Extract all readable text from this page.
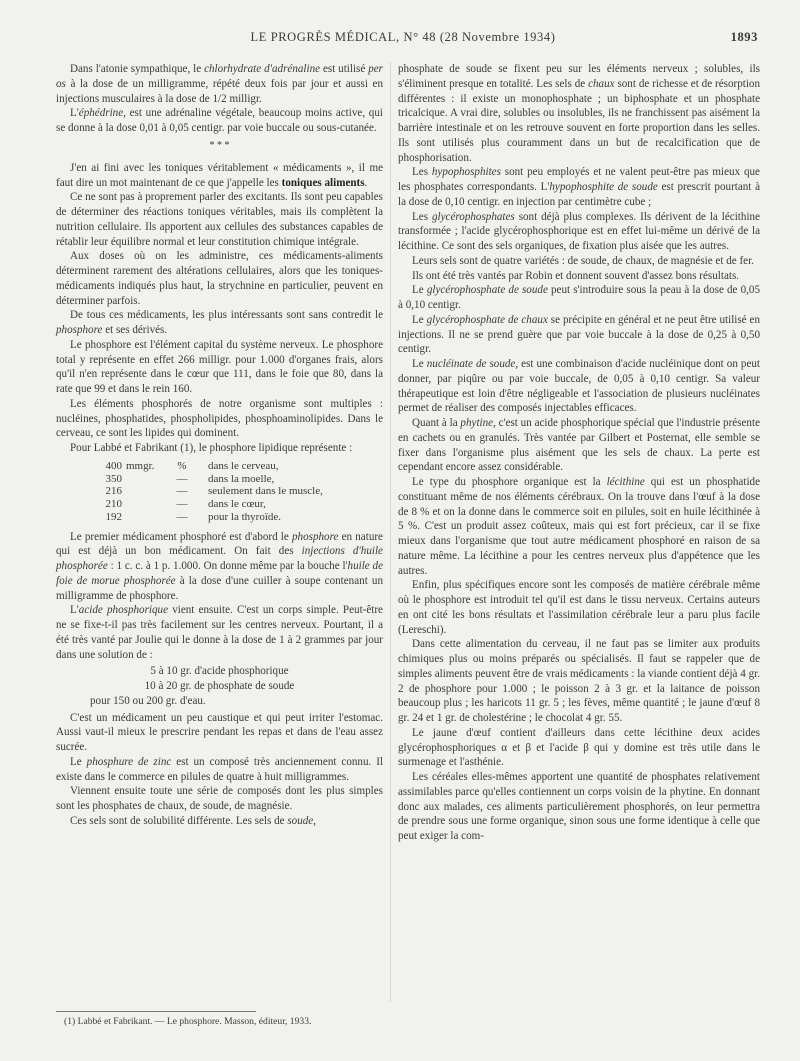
LE PROGRÈS MÉDICAL, N° 48 (28 Novembre 1934)	1893

Dans l'atonie sympathique, le chlorhydrate d'adrénaline est utilisé per os à la dose de un milligramme, répété deux fois par jour et aussi en injections musculaires à la dose de 1/2 milligr.

L'éphédrine, est une adrénaline végétale, beaucoup moins active, qui se donne à la dose 0,01 à 0,05 centigr. par voie buccale ou sous-cutanée.

* * *

J'en ai fini avec les toniques véritablement « médicaments », il me faut dire un mot maintenant de ce que j'appelle les toniques aliments.

Ce ne sont pas à proprement parler des excitants. Ils sont peu capables de déterminer des réactions toniques véritables, mais ils complètent la nutrition cellulaire. Ils apportent aux cellules des substances capables de rétablir leur équilibre normal et leur constitution chimique intégrale.

Aux doses où on les administre, ces médicaments-aliments déterminent rarement des altérations cellulaires, alors que les toniques-médicaments indiqués plus haut, la strychnine en particulier, peuvent en déterminer parfois.

De tous ces médicaments, les plus intéressants sont sans contredit le phosphore et ses dérivés.

Le phosphore est l'élément capital du système nerveux. Le phosphore total y représente en effet 266 milligr. pour 1.000 d'organes frais, alors qu'il n'en représente dans le cœur que 111, dans le foie que 80, dans la rate que 99 et dans le rein 160.

Les éléments phosphorés de notre organisme sont multiples : nucléines, phosphatides, phospholipides, phosphoaminolipides. Dans le cerveau, ce sont les lipides qui dominent.

Pour Labbé et Fabrikant (1), le phosphore lipidique représente :

400	mmgr.	%	dans le cerveau,
350		—	dans la moelle,
216		—	seulement dans le muscle,
210		—	dans le cœur,
192		—	pour la thyroïde.

Le premier médicament phosphoré est d'abord le phosphore en nature qui est déjà un bon médicament. On fait des injections d'huile phosphorée : 1 c. c. à 1 p. 1.000. On donne même par la bouche l'huile de foie de morue phosphorée à la dose d'une cuiller à soupe contenant un milligramme de phosphore.

L'acide phosphorique vient ensuite. C'est un corps simple. Peut-être ne se fixe-t-il pas très facilement sur les centres nerveux. Pourtant, il a été très vanté par Joulie qui le donne à la dose de 1 à 2 grammes par jour dans une solution de :

5 à 10 gr. d'acide phosphorique

10 à 20 gr. de phosphate de soude

pour 150 ou 200 gr. d'eau.

C'est un médicament un peu caustique et qui peut irriter l'estomac. Aussi vaut-il mieux le prescrire pendant les repas et dans de l'eau assez sucrée.

Le phosphure de zinc est un composé très anciennement connu. Il existe dans le commerce en pilules de quatre à huit milligrammes.

Viennent ensuite toute une série de composés dont les plus simples sont les phosphates de chaux, de soude, de magnésie.

Ces sels sont de solubilité différente. Les sels de soude,

(1) Labbé et Fabrikant. — Le phosphore. Masson, éditeur, 1933.

phosphate de soude se fixent peu sur les éléments nerveux ; solubles, ils s'éliminent presque en totalité. Les sels de chaux sont de richesse et de résorption différentes : il existe un monophosphate ; un biphosphate et un phosphate tricalcique. A vrai dire, solubles ou insolubles, ils ne franchissent pas aisément la barrière intestinale et on les retrouve souvent en forte proportion dans les selles. Ils sont utilisés plus couramment dans un but de recalcification que de phosphorisation.

Les hypophosphites sont peu employés et ne valent peut-être pas mieux que les phosphates correspondants. L'hypophosphite de soude est prescrit pourtant à la dose de 0,10 centigr. en injection par centimètre cube ;

Les glycérophosphates sont déjà plus complexes. Ils dérivent de la lécithine transformée ; l'acide glycérophosphorique est en effet lui-même un dérivé de la lécithine. Ce sont des sels organiques, de fixation plus aisée que les autres.

Leurs sels sont de quatre variétés : de soude, de chaux, de magnésie et de fer.

Ils ont été très vantés par Robin et donnent souvent d'assez bons résultats.

Le glycérophosphate de soude peut s'introduire sous la peau à la dose de 0,05 à 0,10 centigr.

Le glycérophosphate de chaux se précipite en général et ne peut être utilisé en injections. Il ne se prend guère que par voie buccale à la dose de 0,25 à 0,50 centigr.

Le nucléinate de soude, est une combinaison d'acide nucléinique dont on peut donner, par piqûre ou par voie buccale, de 0,05 à 0,10 centigr. Sa valeur thérapeutique est loin d'être négligeable et l'association de plusieurs nucléinates permet de réaliser des composés injectables efficaces.

Quant à la phytine, c'est un acide phosphorique spécial que l'industrie présente en cachets ou en granulés. Très vantée par Gilbert et Posternat, elle semble se fixer dans l'organisme plus aisément que les sels de chaux. La perte est cependant encore assez considérable.

Le type du phosphore organique est la lécithine qui est un phosphatide constituant même de nos éléments cérébraux. On la trouve dans l'œuf à la dose de 8 % et on la donne dans le commerce soit en pilules, soit en huile lécithinée à 5 %. C'est un produit assez coûteux, mais qui est fort précieux, car il se fixe mieux dans l'organisme que tout autre médicament phosphoré en raison de sa nature même. La lécithine a pour les centres nerveux plus d'appétence que les autres.

Enfin, plus spécifiques encore sont les composés de matière cérébrale même où le phosphore est introduit tel qu'il est dans le tissu nerveux. Certains auteurs en ont cité les bons résultats et l'assimilation cérébrale leur a paru plus facile (Lereschi).

Dans cette alimentation du cerveau, il ne faut pas se limiter aux produits chimiques plus ou moins préparés ou spécialisés. Il faut se rappeler que de simples aliments peuvent être de vrais médicaments : la viande contient déjà 4 gr. 2 de phosphore pour 1.000 ; le poisson 2 à 3 gr. et la laitance de poisson beaucoup plus ; les haricots 11 gr. 5 ; les fèves, même quantité ; le jaune d'œuf 8 gr. 24 et 1 gr. de cholestérine ; le chocolat 4 gr. 55.

Le jaune d'œuf contient d'ailleurs dans cette lécithine deux acides glycérophosphoriques α et β et l'acide β qui y domine est très utile dans le surmenage et l'asthénie.

Les céréales elles-mêmes apportent une quantité de phosphates relativement assimilables parce qu'elles contiennent un corps voisin de la phytine. En donnant donc aux malades, ces aliments particulièrement phosphorés, on leur permettra de prendre sous une forme organique, sinon sous une forme identique à celle que peut exiger la com-
